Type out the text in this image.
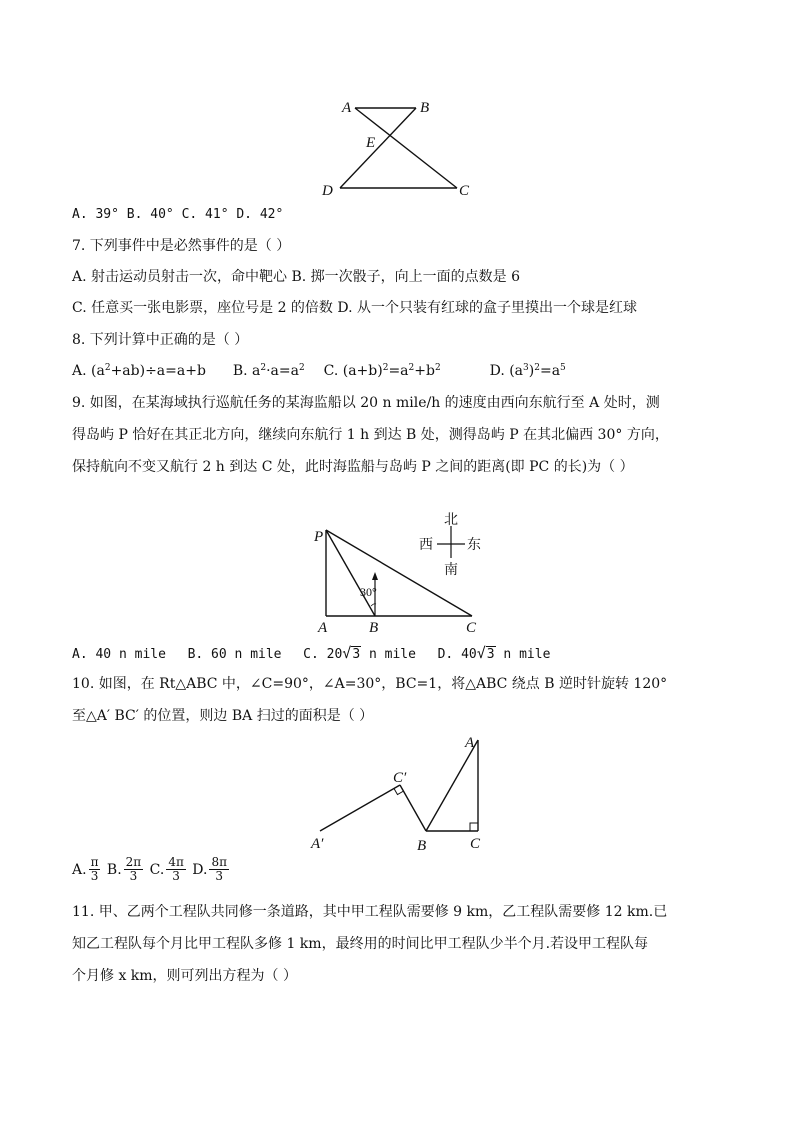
A	B
E
D	C
A. 39° B. 40° C. 41° D. 42°
7. 下列事件中是必然事件的是（ ）
A. 射击运动员射击一次，命中靶心 B. 掷一次骰子，向上一面的点数是 6
C. 任意买一张电影票，座位号是 2 的倍数 D. 从一个只装有红球的盒子里摸出一个球是红球
8. 下列计算中正确的是（ ）
A. $(a^2+ab)\div a=a+b$ B. $a^2\cdot a=a^2$ C. $(a+b)^2=a^2+b^2$	D. $(a^3)^2=a^5$
9. 如图，在某海域执行巡航任务的某海监船以 20 n mile/h 的速度由西向东航行至 A 处时，测
得岛屿 P 恰好在其正北方向，继续向东航行 1 h 到达 B 处，测得岛屿 P 在其北偏西 30° 方向，
保持航向不变又航行 2 h 到达 C 处，此时海监船与岛屿 P 之间的距离(即 PC 的长)为（ ）
P
A	B	C
30°
北
西 东
南
A. 40 n mile B. 60 n mile C. 20√3 n mile D. 40√3 n mile
10. 如图，在 Rt△ABC 中，∠C=90°，∠A=30°，BC=1，将△ABC 绕点 B 逆时针旋转 120°
至△A′ BC′ 的位置，则边 BA 扫过的面积是（ ）
A
C′
A′	B	C
A. $\frac{\pi}{3} B$. $\frac{2\pi}{3} C$. $\frac{4\pi}{3} D$. $\frac{8\pi}{3}$
11. 甲、乙两个工程队共同修一条道路，其中甲工程队需要修 9 km，乙工程队需要修 12 km.已
知乙工程队每个月比甲工程队多修 1 km，最终用的时间比甲工程队少半个月.若设甲工程队每
个月修 x km，则可列出方程为（ ）
